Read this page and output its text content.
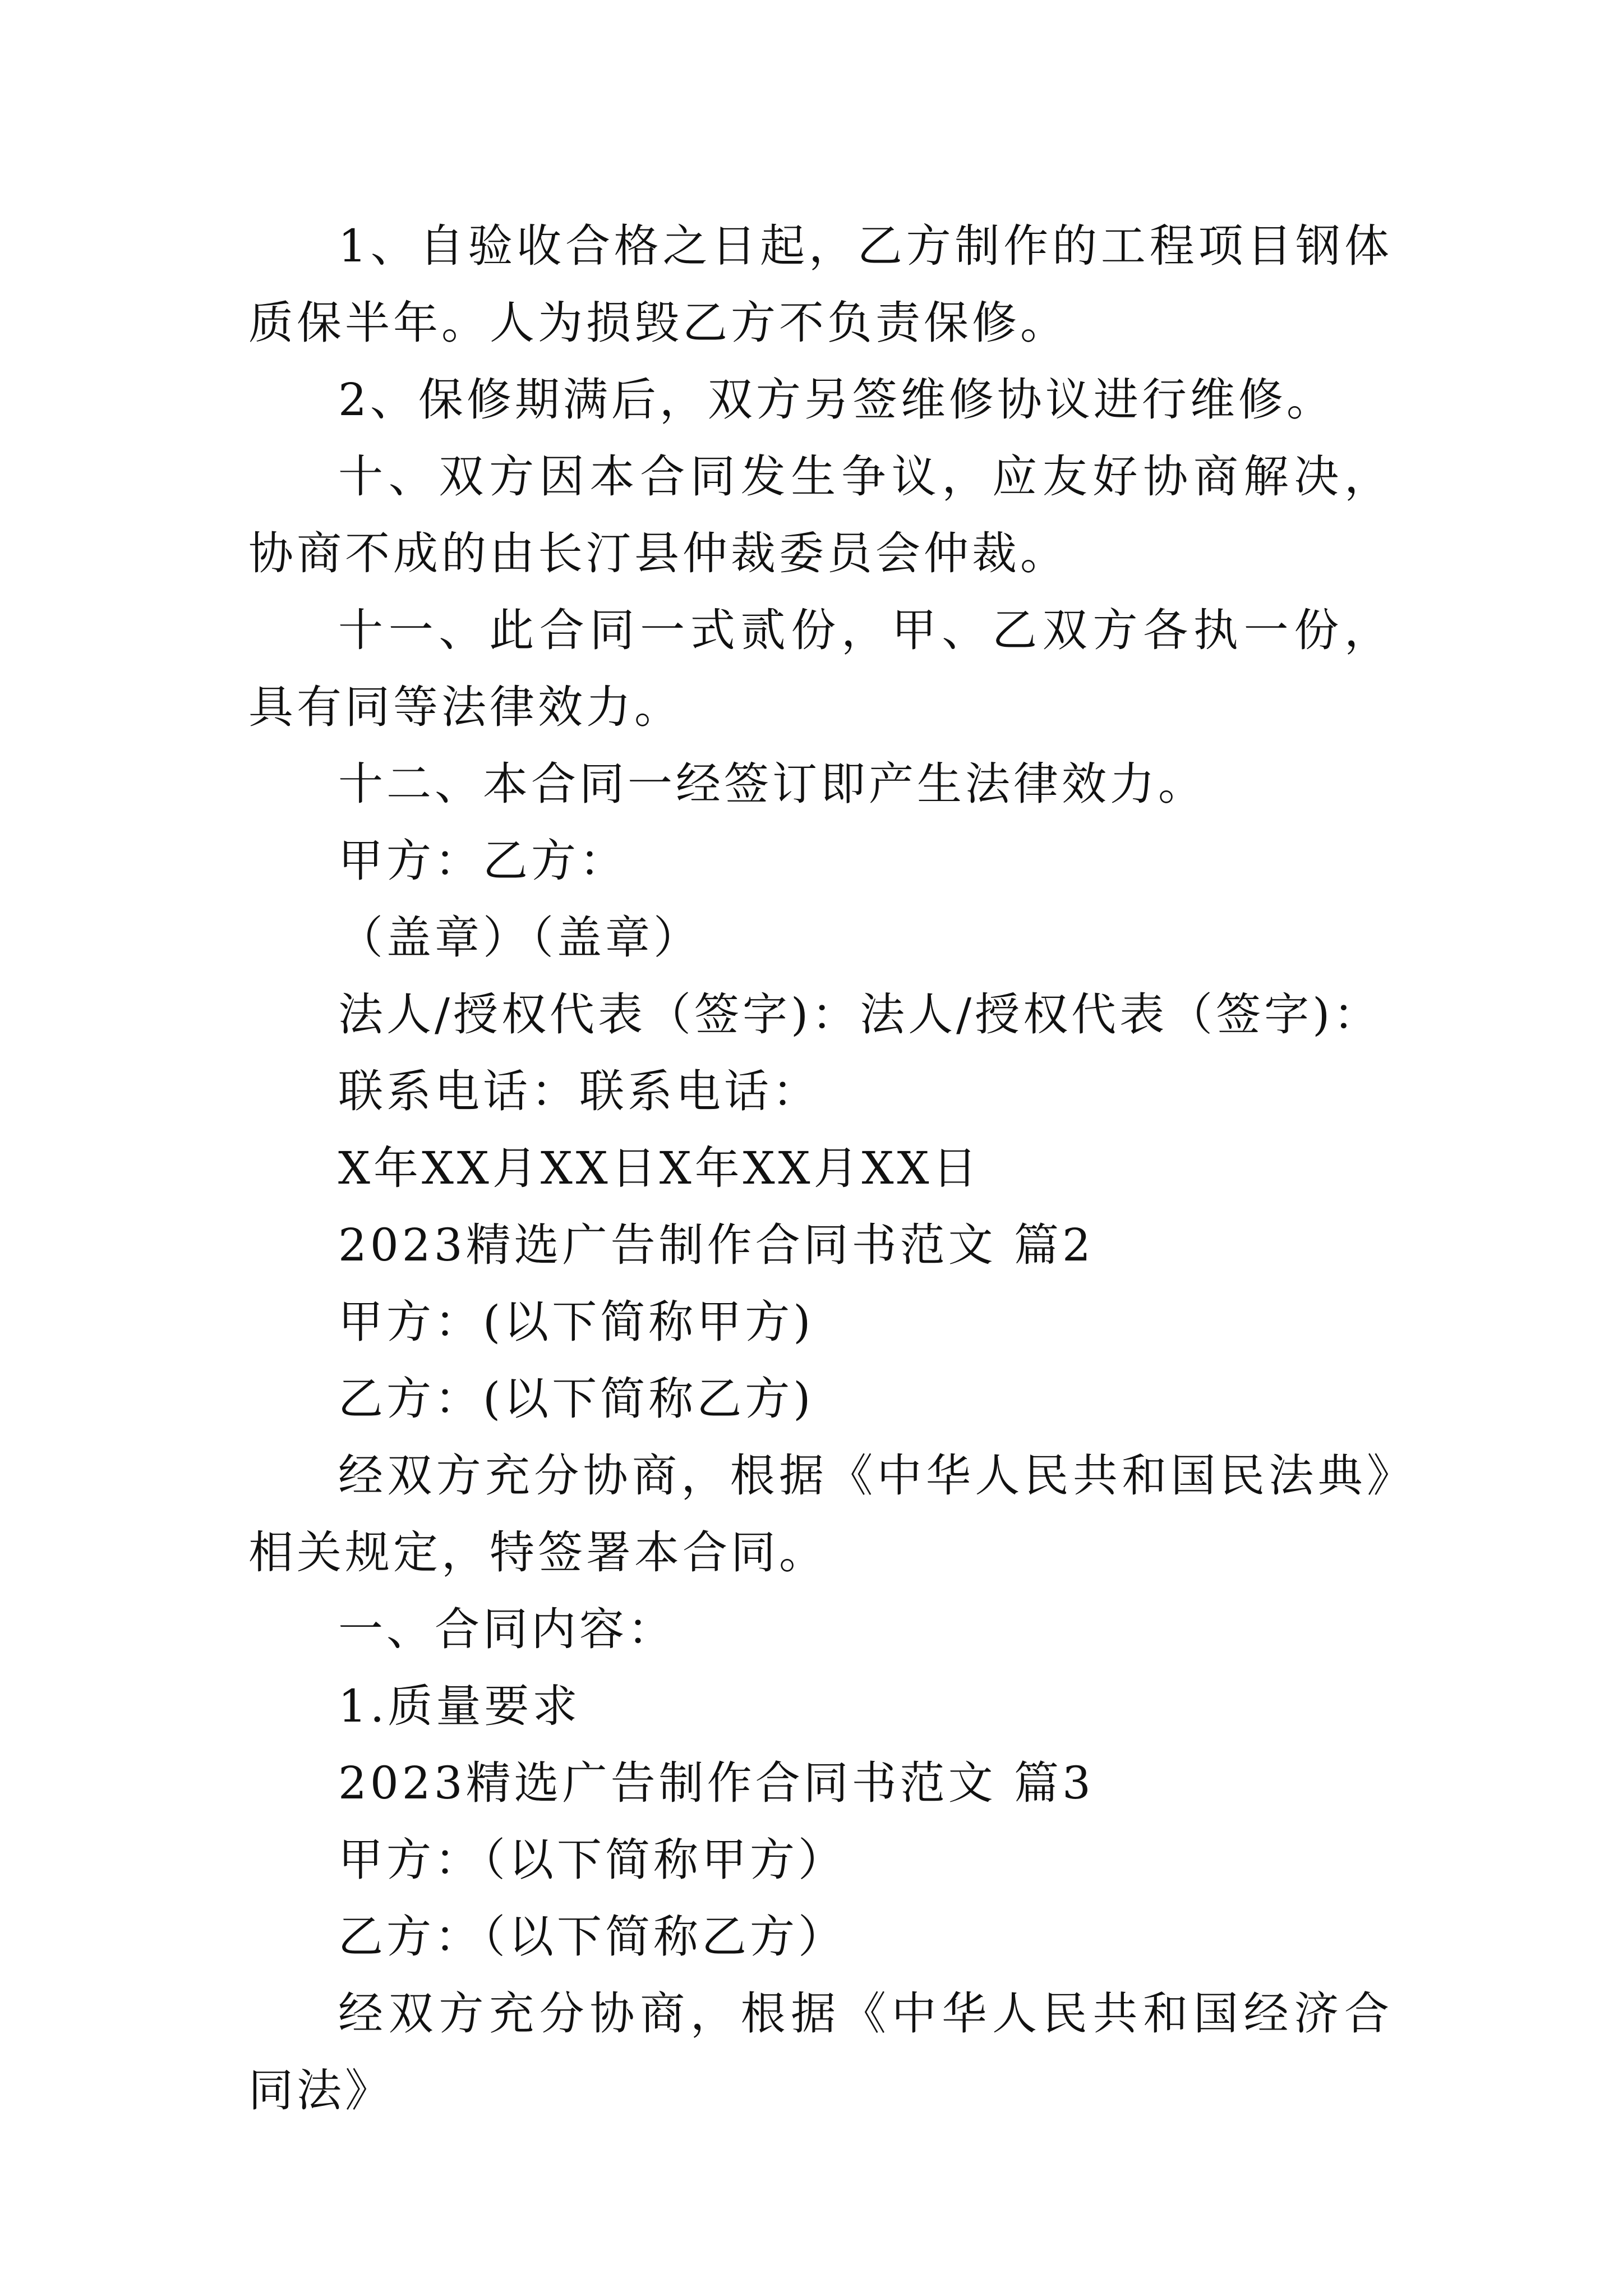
1、自验收合格之日起，乙方制作的工程项目钢体质保半年。人为损毁乙方不负责保修。

2、保修期满后，双方另签维修协议进行维修。

十、双方因本合同发生争议，应友好协商解决，协商不成的由长汀县仲裁委员会仲裁。

十一、此合同一式贰份，甲、乙双方各执一份，具有同等法律效力。

十二、本合同一经签订即产生法律效力。

甲方：乙方：

（盖章）（盖章）

法人/授权代表（签字)：法人/授权代表（签字)：

联系电话：联系电话：

X年XX月XX日X年XX月XX日

2023精选广告制作合同书范文 篇2

甲方：(以下简称甲方)

乙方：(以下简称乙方)

经双方充分协商，根据《中华人民共和国民法典》相关规定，特签署本合同。

一、合同内容：

1.质量要求

2023精选广告制作合同书范文 篇3

甲方：（以下简称甲方）

乙方：（以下简称乙方）

经双方充分协商，根据《中华人民共和国经济合同法》
